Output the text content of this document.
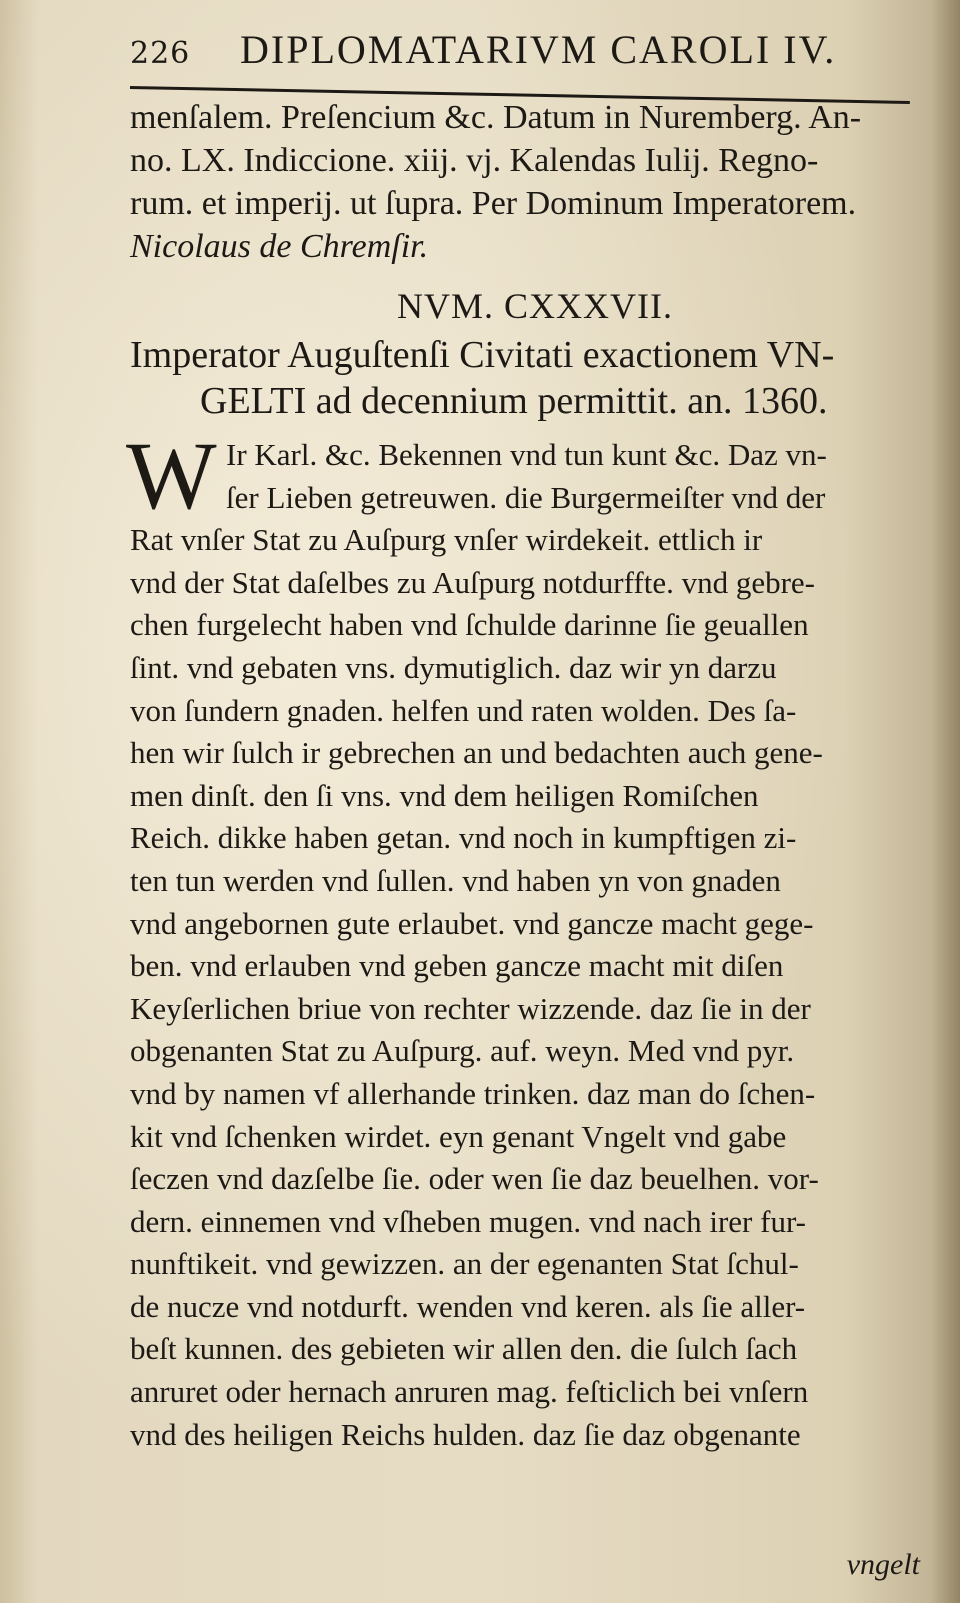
226 DIPLOMATARIVM CAROLI IV.
menſalem. Preſencium &c. Datum in Nuremberg. An-
no. LX. Indiccione. xiij. vj. Kalendas Iulij. Regno-
rum. et imperij. ut ſupra. Per Dominum Imperatorem.
Nicolaus de Chremſir.
NVM. CXXXVII.
Imperator Auguſtenſi Civitati exactionem VN-
GELTI ad decennium permittit. an. 1360.
W Ir Karl. &c. Bekennen vnd tun kunt &c. Daz vn-
ſer Lieben getreuwen. die Burgermeiſter vnd der
Rat vnſer Stat zu Auſpurg vnſer wirdekeit. ettlich ir
vnd der Stat daſelbes zu Auſpurg notdurffte. vnd gebre-
chen furgelecht haben vnd ſchulde darinne ſie geuallen
ſint. vnd gebaten vns. dymutiglich. daz wir yn darzu
von ſundern gnaden. helfen und raten wolden. Des ſa-
hen wir ſulch ir gebrechen an und bedachten auch gene-
men dinſt. den ſi vns. vnd dem heiligen Romiſchen
Reich. dikke haben getan. vnd noch in kumpftigen zi-
ten tun werden vnd ſullen. vnd haben yn von gnaden
vnd angebornen gute erlaubet. vnd gancze macht gege-
ben. vnd erlauben vnd geben gancze macht mit diſen
Keyſerlichen briue von rechter wizzende. daz ſie in der
obgenanten Stat zu Auſpurg. auf. weyn. Med vnd pyr.
vnd by namen vf allerhande trinken. daz man do ſchen-
kit vnd ſchenken wirdet. eyn genant Vngelt vnd gabe
ſeczen vnd dazſelbe ſie. oder wen ſie daz beuelhen. vor-
dern. einnemen vnd vſheben mugen. vnd nach irer fur-
nunftikeit. vnd gewizzen. an der egenanten Stat ſchul-
de nucze vnd notdurft. wenden vnd keren. als ſie aller-
beſt kunnen. des gebieten wir allen den. die ſulch ſach
anruret oder hernach anruren mag. feſticlich bei vnſern
vnd des heiligen Reichs hulden. daz ſie daz obgenante
vngelt
